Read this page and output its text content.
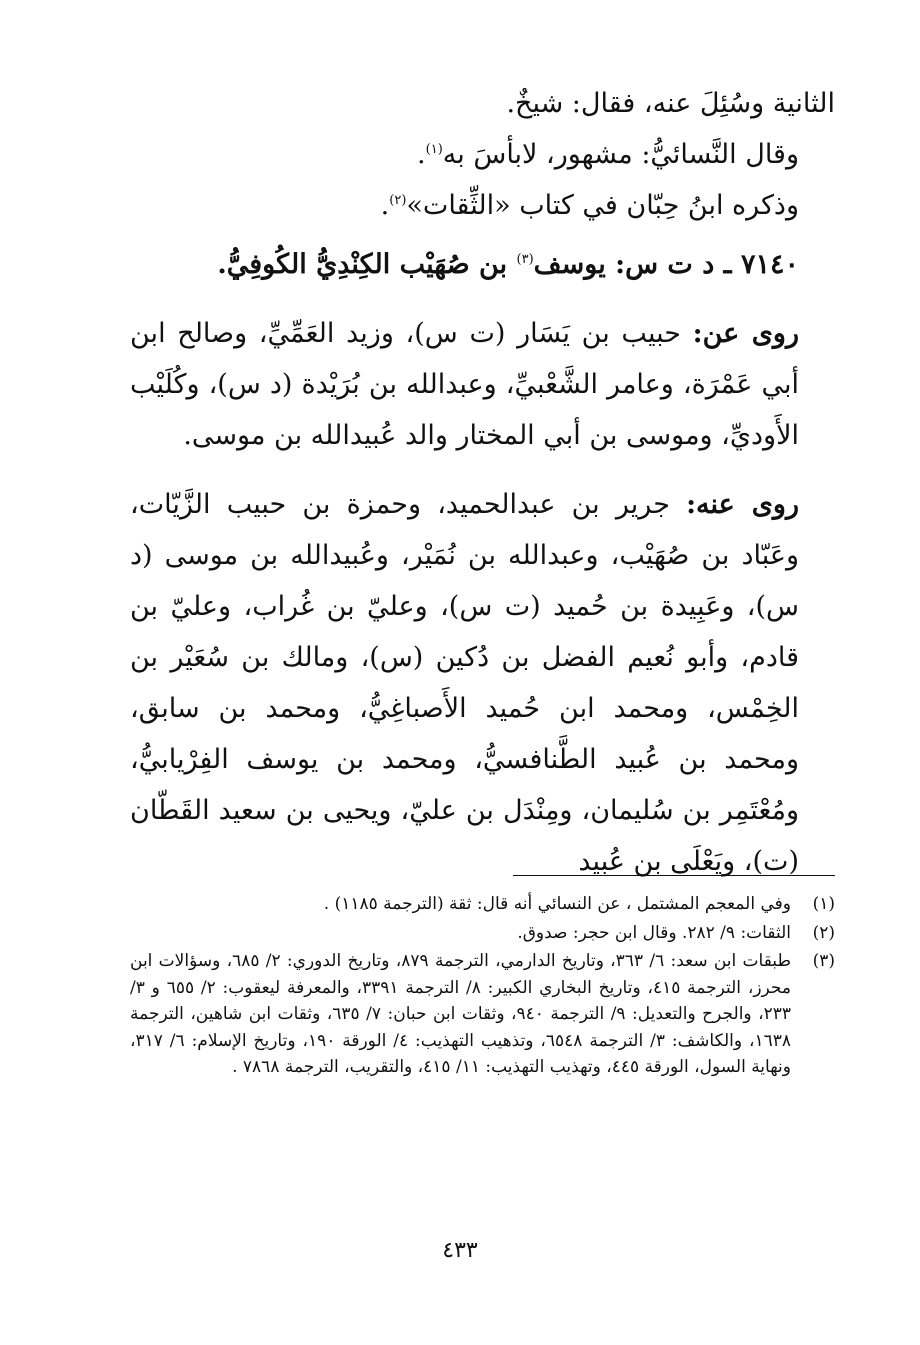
الثانية وسُئِلَ عنه، فقال: شيخٌ.

وقال النَّسائيُّ: مشهور، لابأسَ به$^{(١)}$.

وذكره ابنُ حِبّان في كتاب «الثِّقات»$^{(٢)}$.

٧١٤٠ ـ د ت س: يوسف$^{(٣)}$ بن صُهَيْب الكِنْدِيُّ الكُوفِيُّ.

روى عن: حبيب بن يَسَار (ت س)، وزيد العَمِّيِّ، وصالح ابن أبي عَمْرَة، وعامر الشَّعْبيِّ، وعبدالله بن بُرَيْدة (د س)، وكُلَيْب الأَوديِّ، وموسى بن أبي المختار والد عُبيدالله بن موسى.

روى عنه: جرير بن عبدالحميد، وحمزة بن حبيب الزَّيّات، وعَبّاد بن صُهَيْب، وعبدالله بن نُمَيْر، وعُبيدالله بن موسى (د س)، وعَبِيدة بن حُميد (ت س)، وعليّ بن غُراب، وعليّ بن قادم، وأبو نُعيم الفضل بن دُكين (س)، ومالك بن سُعَيْر بن الخِمْس، ومحمد ابن حُميد الأَصباغِيُّ، ومحمد بن سابق، ومحمد بن عُبيد الطَّنافسيُّ، ومحمد بن يوسف الفِرْيابيُّ، ومُعْتَمِر بن سُليمان، ومِنْدَل بن عليّ، ويحيى بن سعيد القَطّان (ت)، ويَعْلَى بن عُبيد

(١)
وفي المعجم المشتمل ، عن النسائي أنه قال: ثقة (الترجمة ١١٨٥) .
(٢)
الثقات: ٩/ ٢٨٢. وقال ابن حجر: صدوق.
(٣)
طبقات ابن سعد: ٦/ ٣٦٣، وتاريخ الدارمي، الترجمة ٨٧٩، وتاريخ الدوري: ٢/ ٦٨٥، وسؤالات ابن محرز، الترجمة ٤١٥، وتاريخ البخاري الكبير: ٨/ الترجمة ٣٣٩١، والمعرفة ليعقوب: ٢/ ٦٥٥ و ٣/ ٢٣٣، والجرح والتعديل: ٩/ الترجمة ٩٤٠، وثقات ابن حبان: ٧/ ٦٣٥، وثقات ابن شاهين، الترجمة ١٦٣٨، والكاشف: ٣/ الترجمة ٦٥٤٨، وتذهيب التهذيب: ٤/ الورقة ١٩٠، وتاريخ الإسلام: ٦/ ٣١٧، ونهاية السول، الورقة ٤٤٥، وتهذيب التهذيب: ١١/ ٤١٥، والتقريب، الترجمة ٧٨٦٨ .
٤٣٣
